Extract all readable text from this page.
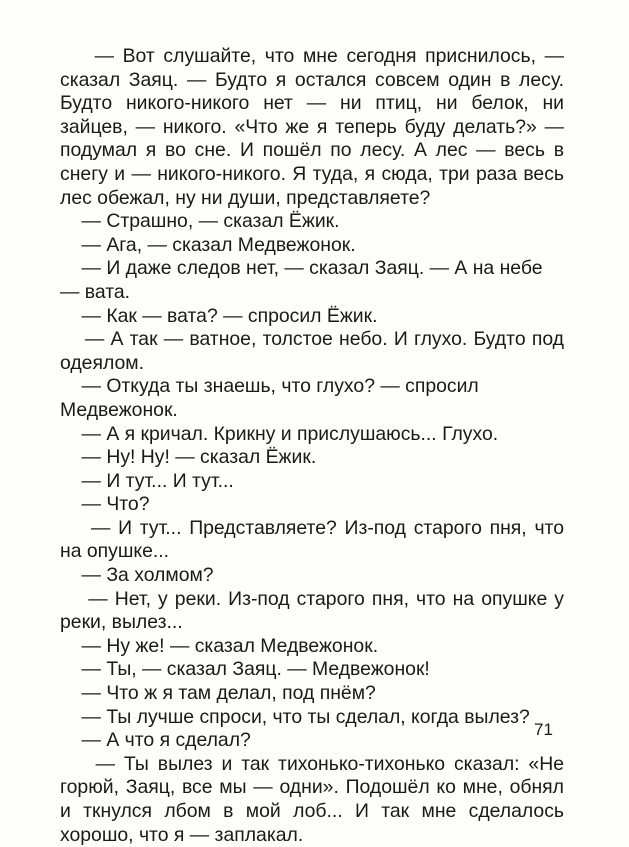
— Вот слушайте, что мне сегодня приснилось, — сказал Заяц. — Будто я остался совсем один в лесу. Будто никого-никого нет — ни птиц, ни белок, ни зайцев, — никого. «Что же я теперь буду делать?» — подумал я во сне. И пошёл по лесу. А лес — весь в снегу и — никого-никого. Я туда, я сюда, три раза весь лес обежал, ну ни души, представляете?

— Страшно, — сказал Ёжик.

— Ага, — сказал Медвежонок.

— И даже следов нет, — сказал Заяц. — А на небе — вата.

— Как — вата? — спросил Ёжик.

— А так — ватное, толстое небо. И глухо. Будто под одеялом.

— Откуда ты знаешь, что глухо? — спросил Медвежонок.

— А я кричал. Крикну и прислушаюсь... Глухо.

— Ну! Ну! — сказал Ёжик.

— И тут... И тут...

— Что?

— И тут... Представляете? Из-под старого пня, что на опушке...

— За холмом?

— Нет, у реки. Из-под старого пня, что на опушке у реки, вылез...

— Ну же! — сказал Медвежонок.

— Ты, — сказал Заяц. — Медвежонок!

— Что ж я там делал, под пнём?

— Ты лучше спроси, что ты сделал, когда вылез?

— А что я сделал?

— Ты вылез и так тихонько-тихонько сказал: «Не горюй, Заяц, все мы — одни». Подошёл ко мне, обнял и ткнулся лбом в мой лоб... И так мне сделалось хорошо, что я — заплакал.

71
